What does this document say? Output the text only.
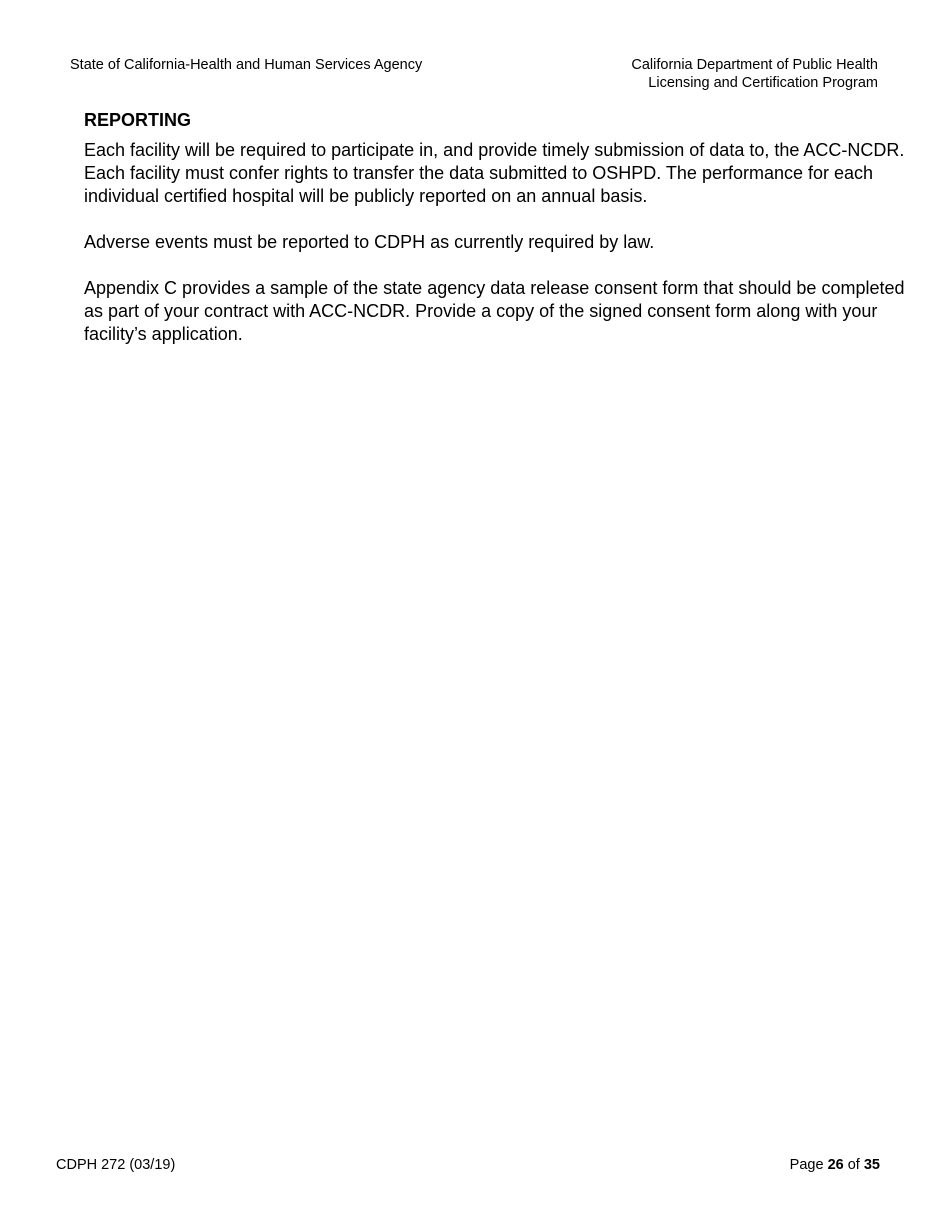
State of California-Health and Human Services Agency	California Department of Public Health
Licensing and Certification Program
REPORTING

Each facility will be required to participate in, and provide timely submission of data to, the ACC-NCDR. Each facility must confer rights to transfer the data submitted to OSHPD. The performance for each individual certified hospital will be publicly reported on an annual basis.

Adverse events must be reported to CDPH as currently required by law.

Appendix C provides a sample of the state agency data release consent form that should be completed as part of your contract with ACC-NCDR. Provide a copy of the signed consent form along with your facility’s application.

CDPH 272 (03/19)	Page 26 of 35
